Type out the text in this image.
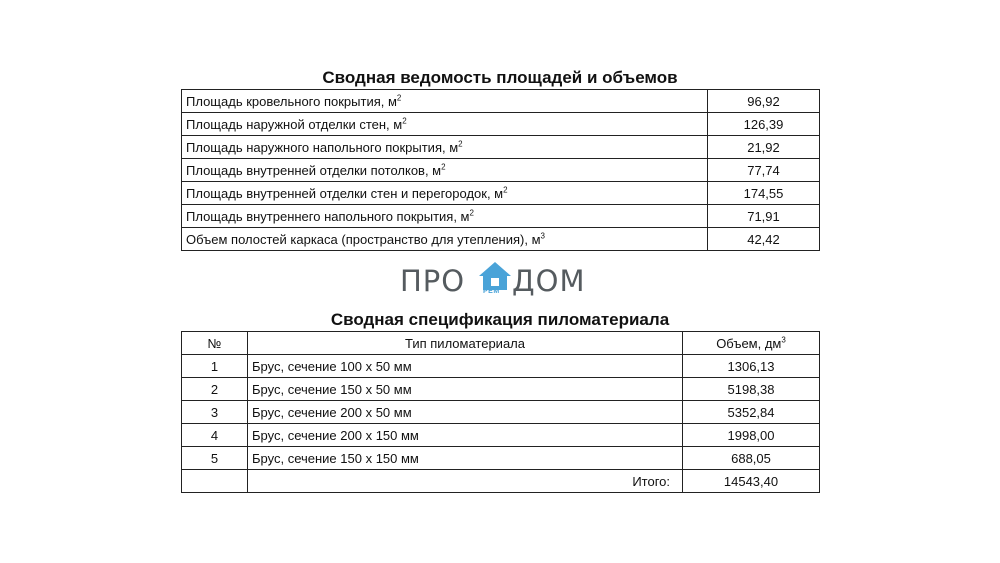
Сводная ведомость площадей и объемов
Площадь кровельного покрытия, $м^2$	96,92
Площадь наружной отделки стен, $м^2$	126,39
Площадь наружного напольного покрытия, $м^2$	21,92
Площадь внутренней отделки потолков, $м^2$	77,74
Площадь внутренней отделки стен и перегородок, $м^2$	174,55
Площадь внутреннего напольного покрытия, $м^2$	71,91
Объем полостей каркаса (пространство для утепления), $м^3$	42,42
ПРО	РЕМ ДОМ
Сводная спецификация пиломатериала
№	Тип пиломатериала	Объем, $дм^3$
1	Брус, сечение 100 х 50 мм	1306,13
2	Брус, сечение 150 х 50 мм	5198,38
3	Брус, сечение 200 х 50 мм	5352,84
4	Брус, сечение 200 х 150 мм	1998,00
5	Брус, сечение 150 х 150 мм	688,05
	Итого:	14543,40
